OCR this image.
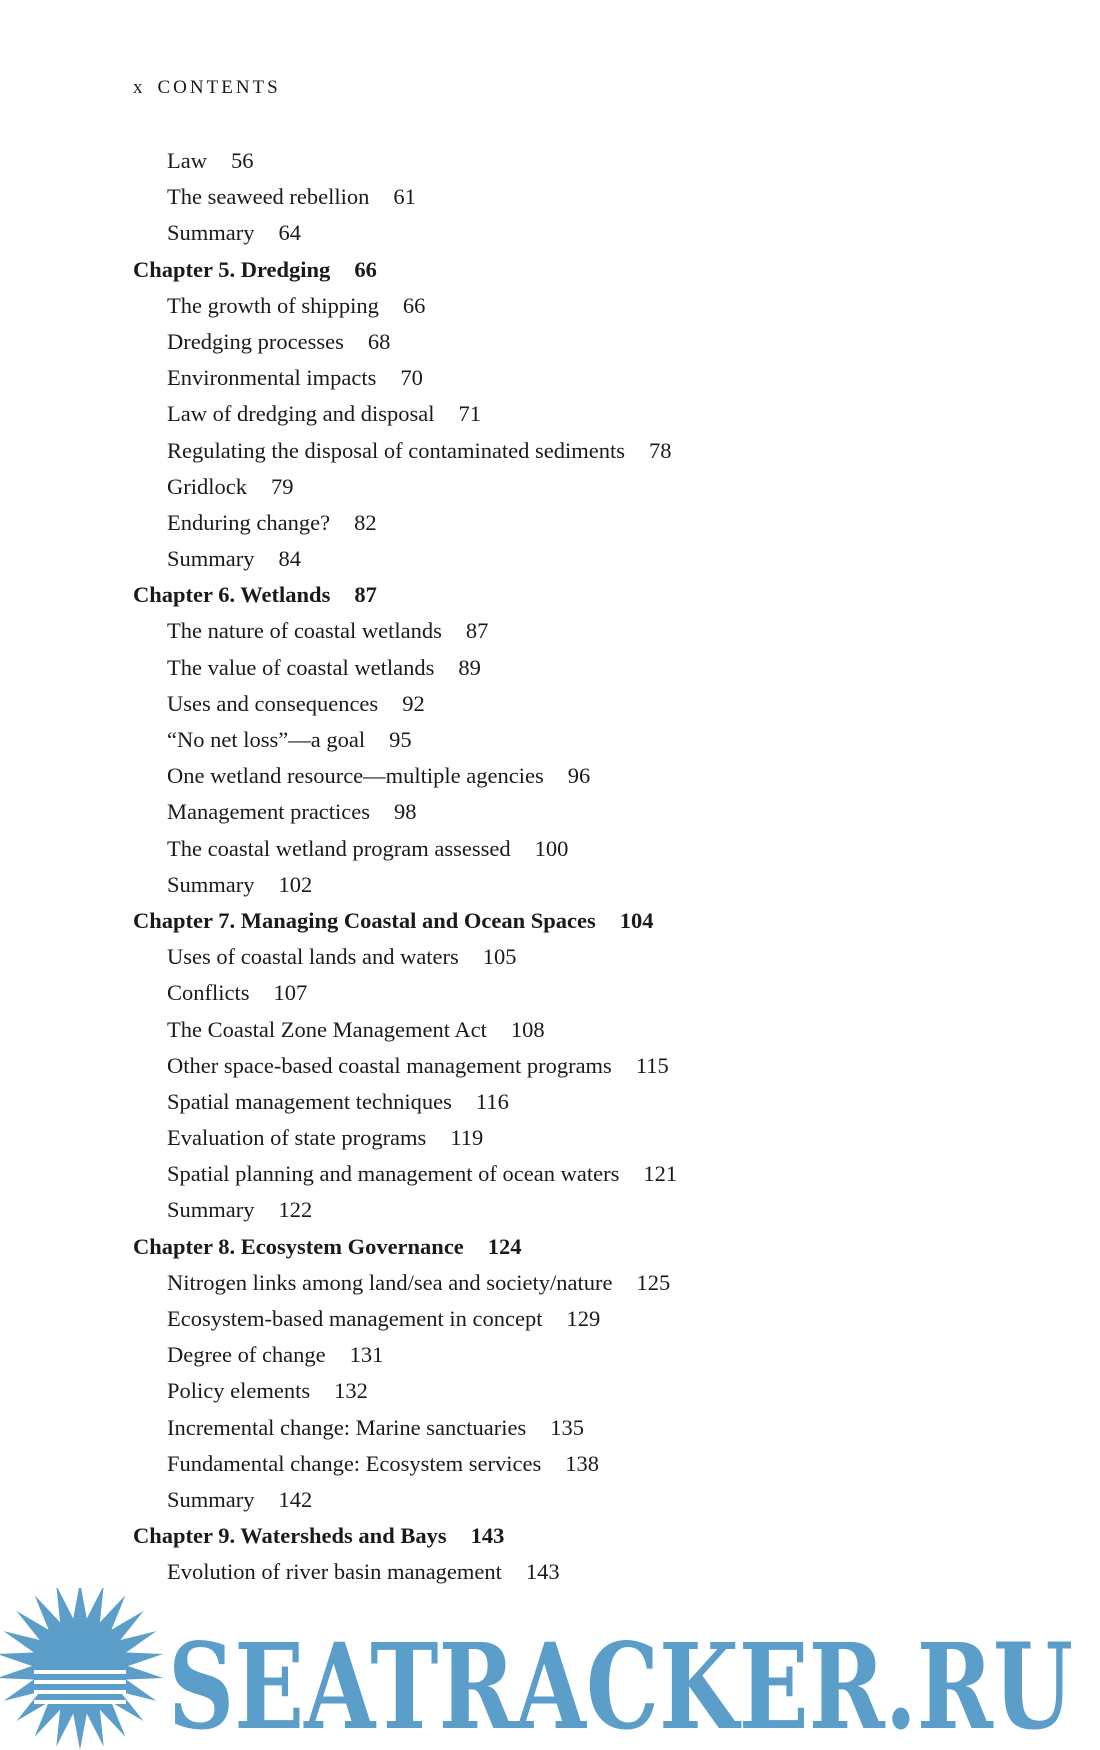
x CONTENTS
Law 56
The seaweed rebellion 61
Summary 64
Chapter 5. Dredging 66
The growth of shipping 66
Dredging processes 68
Environmental impacts 70
Law of dredging and disposal 71
Regulating the disposal of contaminated sediments 78
Gridlock 79
Enduring change? 82
Summary 84
Chapter 6. Wetlands 87
The nature of coastal wetlands 87
The value of coastal wetlands 89
Uses and consequences 92
“No net loss”—a goal 95
One wetland resource—multiple agencies 96
Management practices 98
The coastal wetland program assessed 100
Summary 102
Chapter 7. Managing Coastal and Ocean Spaces 104
Uses of coastal lands and waters 105
Conflicts 107
The Coastal Zone Management Act 108
Other space-based coastal management programs 115
Spatial management techniques 116
Evaluation of state programs 119
Spatial planning and management of ocean waters 121
Summary 122
Chapter 8. Ecosystem Governance 124
Nitrogen links among land/sea and society/nature 125
Ecosystem-based management in concept 129
Degree of change 131
Policy elements 132
Incremental change: Marine sanctuaries 135
Fundamental change: Ecosystem services 138
Summary 142
Chapter 9. Watersheds and Bays 143
Evolution of river basin management 143
SEATRACKER.RU
